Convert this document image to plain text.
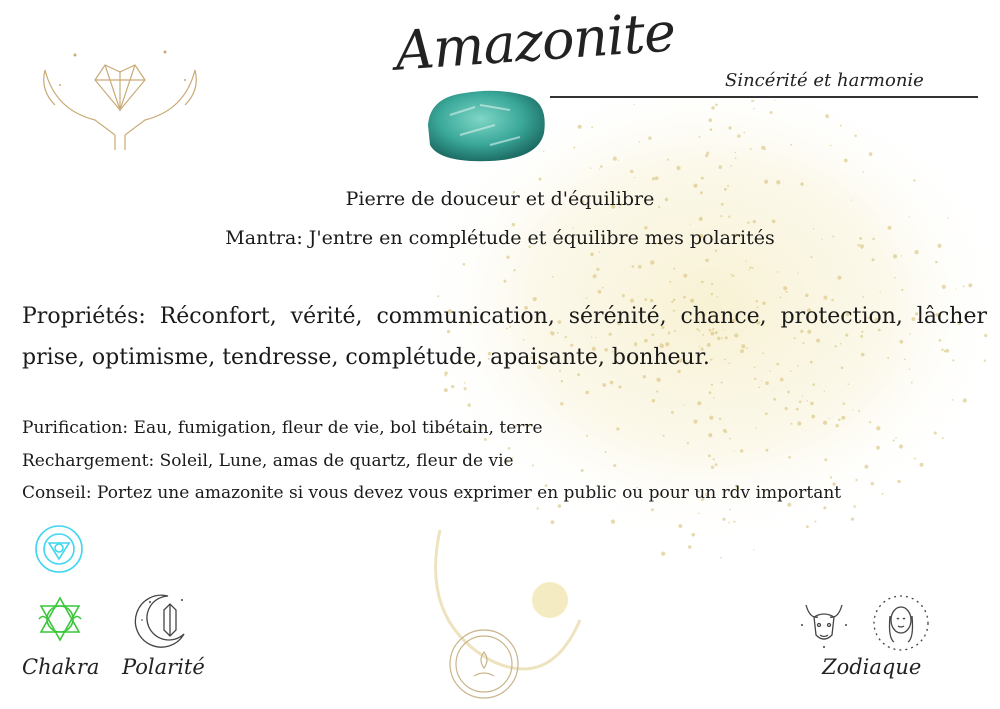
Amazonite	Sincérité et harmonie
Pierre de douceur et d'équilibre
Mantra: J'entre en complétude et équilibre mes polarités
Propriétés: Réconfort, vérité, communication, sérénité, chance, protection, lâcher prise, optimisme, tendresse, complétude, apaisante, bonheur.
Purification: Eau, fumigation, fleur de vie, bol tibétain, terre
Rechargement: Soleil, Lune, amas de quartz, fleur de vie
Conseil: Portez une amazonite si vous devez vous exprimer en public ou pour un rdv important
Chakra Polarité	Zodiaque
